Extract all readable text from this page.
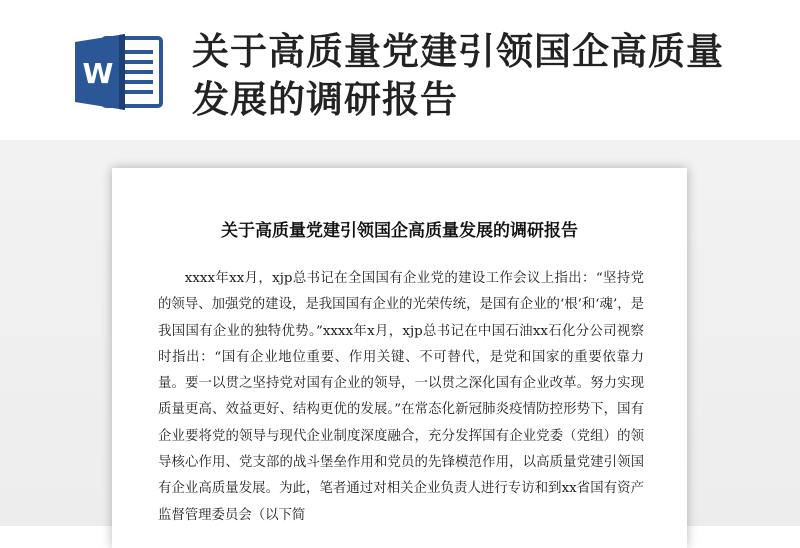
W
关于高质量党建引领国企高质量发展的调研报告
关于高质量党建引领国企高质量发展的调研报告

xxxx年xx月，xjp总书记在全国国有企业党的建设工作会议上指出：“坚持党的领导、加强党的建设，是我国国有企业的光荣传统，是国有企业的‘根’和‘魂’，是我国国有企业的独特优势。”xxxx年x月，xjp总书记在中国石油xx石化分公司视察时指出：“国有企业地位重要、作用关键、不可替代，是党和国家的重要依靠力量。要一以贯之坚持党对国有企业的领导，一以贯之深化国有企业改革。努力实现质量更高、效益更好、结构更优的发展。”在常态化新冠肺炎疫情防控形势下，国有企业要将党的领导与现代企业制度深度融合，充分发挥国有企业党委（党组）的领导核心作用、党支部的战斗堡垒作用和党员的先锋模范作用，以高质量党建引领国有企业高质量发展。为此，笔者通过对相关企业负责人进行专访和到xx省国有资产监督管理委员会（以下简
